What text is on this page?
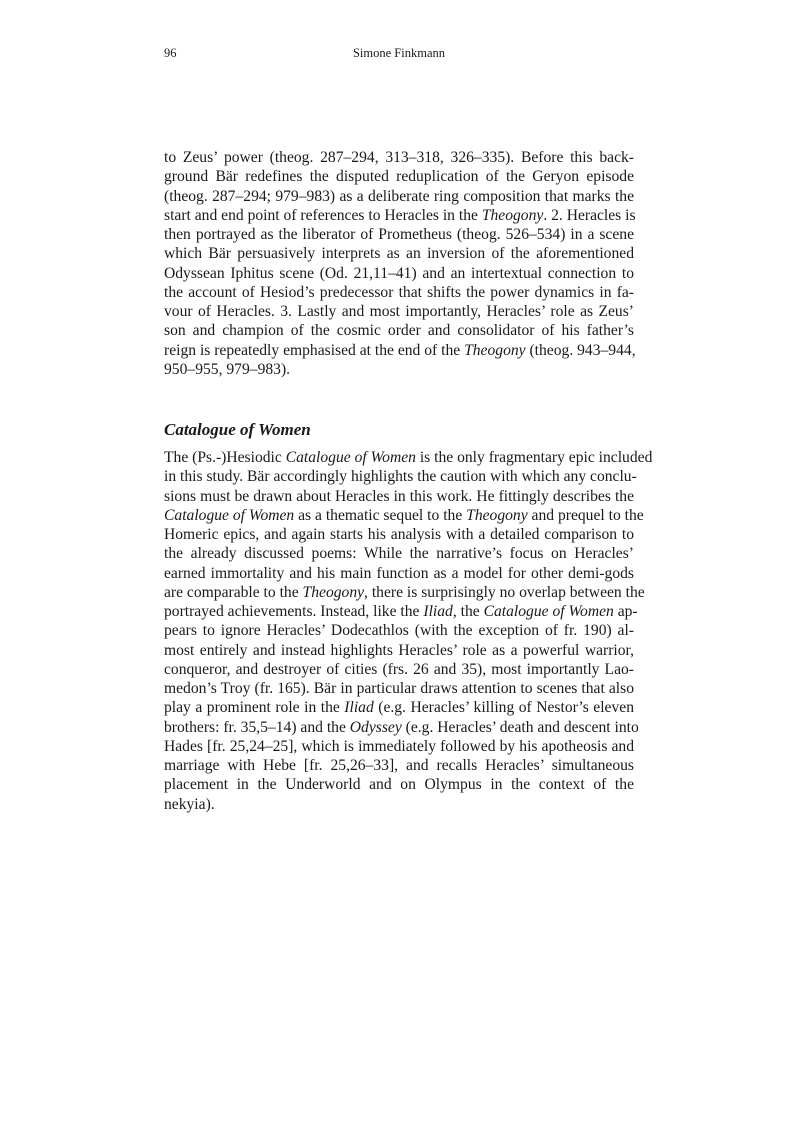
96	Simone Finkmann
to Zeus’ power (theog. 287–294, 313–318, 326–335). Before this back-
ground Bär redefines the disputed reduplication of the Geryon episode
(theog. 287–294; 979–983) as a deliberate ring composition that marks the
start and end point of references to Heracles in the Theogony. 2. Heracles is
then portrayed as the liberator of Prometheus (theog. 526–534) in a scene
which Bär persuasively interprets as an inversion of the aforementioned
Odyssean Iphitus scene (Od. 21,11–41) and an intertextual connection to
the account of Hesiod’s predecessor that shifts the power dynamics in fa-
vour of Heracles. 3. Lastly and most importantly, Heracles’ role as Zeus’
son and champion of the cosmic order and consolidator of his father’s
reign is repeatedly emphasised at the end of the Theogony (theog. 943–944,
950–955, 979–983).
Catalogue of Women
The (Ps.-)Hesiodic Catalogue of Women is the only fragmentary epic included
in this study. Bär accordingly highlights the caution with which any conclu-
sions must be drawn about Heracles in this work. He fittingly describes the
Catalogue of Women as a thematic sequel to the Theogony and prequel to the
Homeric epics, and again starts his analysis with a detailed comparison to
the already discussed poems: While the narrative’s focus on Heracles’
earned immortality and his main function as a model for other demi-gods
are comparable to the Theogony, there is surprisingly no overlap between the
portrayed achievements. Instead, like the Iliad, the Catalogue of Women ap-
pears to ignore Heracles’ Dodecathlos (with the exception of fr. 190) al-
most entirely and instead highlights Heracles’ role as a powerful warrior,
conqueror, and destroyer of cities (frs. 26 and 35), most importantly Lao-
medon’s Troy (fr. 165). Bär in particular draws attention to scenes that also
play a prominent role in the Iliad (e.g. Heracles’ killing of Nestor’s eleven
brothers: fr. 35,5–14) and the Odyssey (e.g. Heracles’ death and descent into
Hades [fr. 25,24–25], which is immediately followed by his apotheosis and
marriage with Hebe [fr. 25,26–33], and recalls Heracles’ simultaneous
placement in the Underworld and on Olympus in the context of the
nekyia).
